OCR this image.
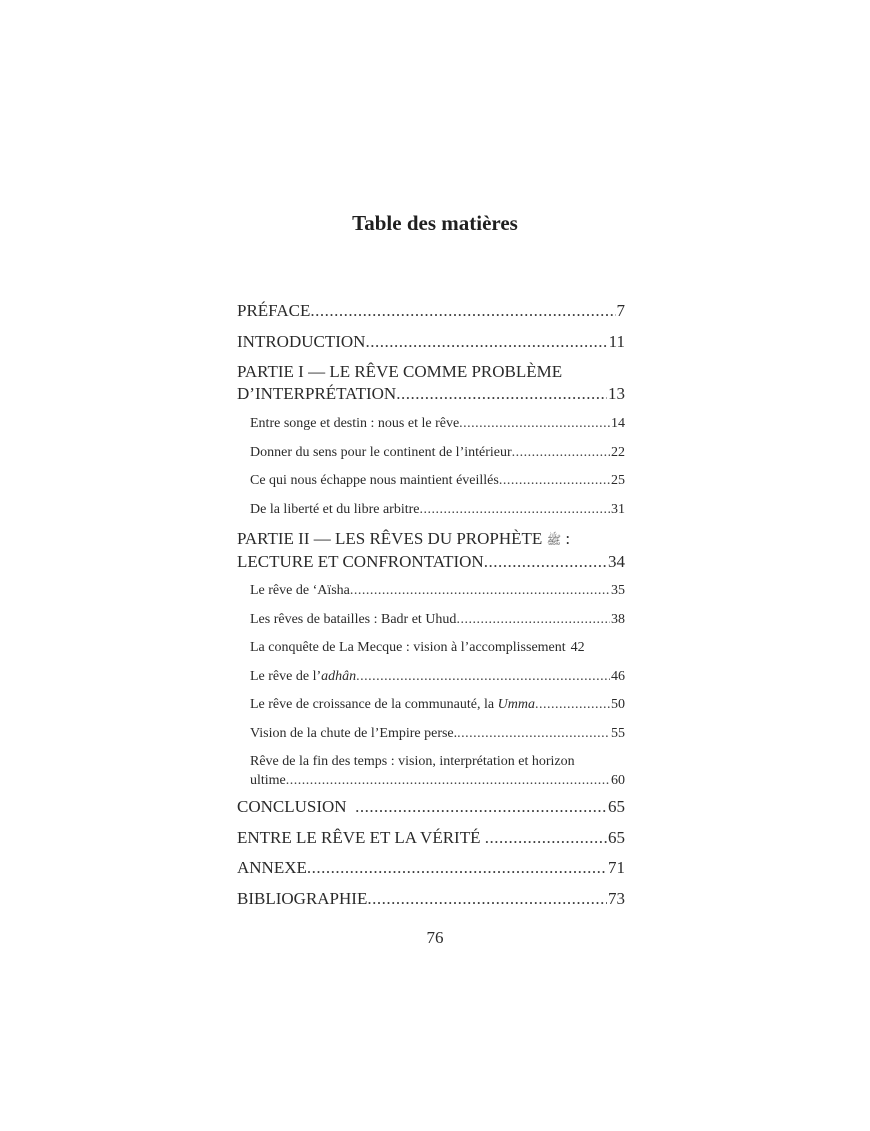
Table des matières
PRÉFACE .....	7
INTRODUCTION .....	11
PARTIE I — LE RÊVE COMME PROBLÈME
D’INTERPRÉTATION .....	13
Entre songe et destin : nous et le rêve .....	14
Donner du sens pour le continent de l’intérieur .....	22
Ce qui nous échappe nous maintient éveillés .....	25
De la liberté et du libre arbitre .....	31
PARTIE II — LES RÊVES DU PROPHÈTE ﷺ :
LECTURE ET CONFRONTATION .....	34
Le rêve de ‘Aïsha .....	35
Les rêves de batailles : Badr et Uhud .....	38
La conquête de La Mecque : vision à l’accomplissement 42
Le rêve de l’adhân .....	46
Le rêve de croissance de la communauté, la Umma .....	50
Vision de la chute de l’Empire perse. .....	55
Rêve de la fin des temps : vision, interprétation et horizon
ultime .....	60
CONCLUSION .....	65
ENTRE LE RÊVE ET LA VÉRITÉ .....	65
ANNEXE .....	71
BIBLIOGRAPHIE .....	73
76
